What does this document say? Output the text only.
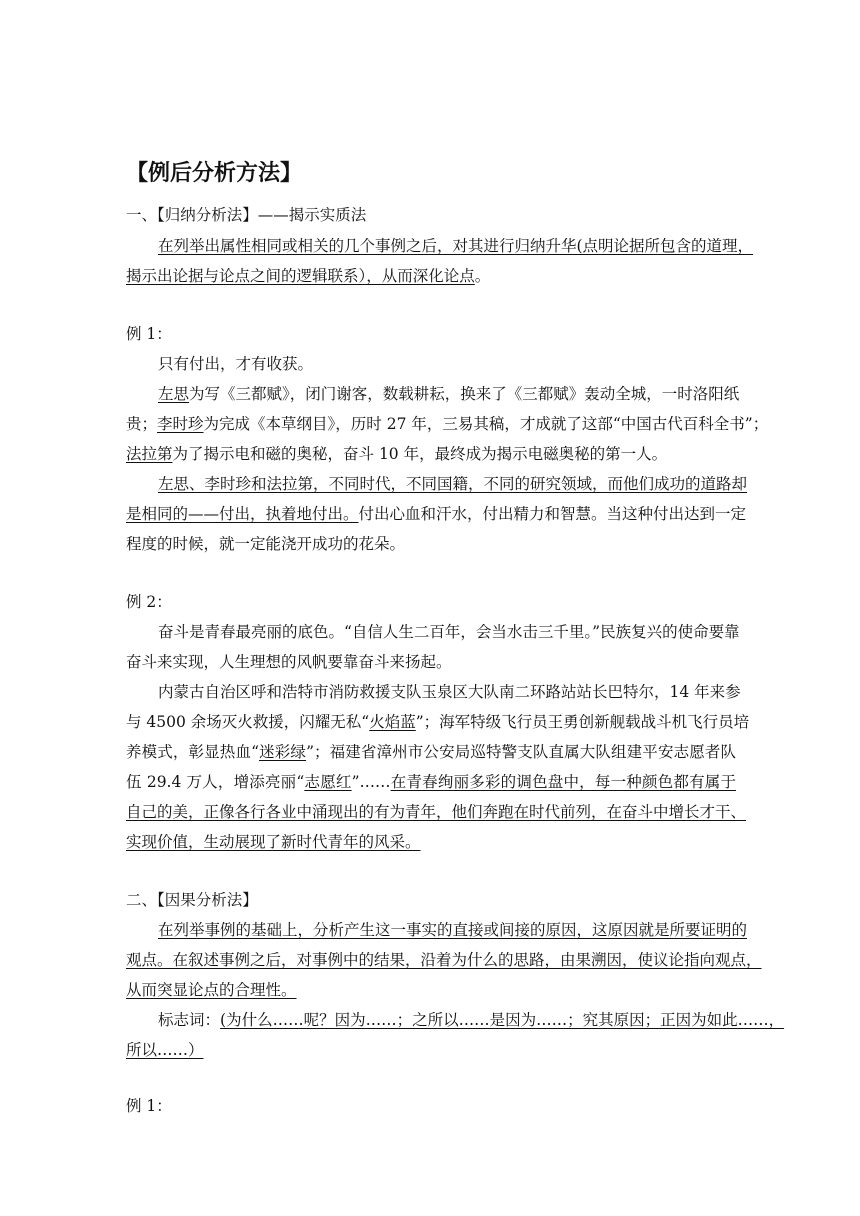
【例后分析方法】
一、【归纳分析法】——揭示实质法
在列举出属性相同或相关的几个事例之后，对其进行归纳升华(点明论据所包含的道理，
揭示出论据与论点之间的逻辑联系），从而深化论点。
例 1：
只有付出，才有收获。
左思为写《三都赋》，闭门谢客，数载耕耘，换来了《三都赋》轰动全城，一时洛阳纸
贵；李时珍为完成《本草纲目》，历时 27 年，三易其稿，才成就了这部“中国古代百科全书”；
法拉第为了揭示电和磁的奥秘，奋斗 10 年，最终成为揭示电磁奥秘的第一人。
左思、李时珍和法拉第，不同时代，不同国籍，不同的研究领域，而他们成功的道路却
是相同的——付出，执着地付出。付出心血和汗水，付出精力和智慧。当这种付出达到一定
程度的时候，就一定能浇开成功的花朵。
例 2：
奋斗是青春最亮丽的底色。“自信人生二百年，会当水击三千里。”民族复兴的使命要靠
奋斗来实现，人生理想的风帆要靠奋斗来扬起。
内蒙古自治区呼和浩特市消防救援支队玉泉区大队南二环路站站长巴特尔，14 年来参
与 4500 余场灭火救援，闪耀无私“火焰蓝”；海军特级飞行员王勇创新舰载战斗机飞行员培
养模式，彰显热血“迷彩绿”；福建省漳州市公安局巡特警支队直属大队组建平安志愿者队
伍 29.4 万人，增添亮丽“志愿红”……在青春绚丽多彩的调色盘中，每一种颜色都有属于
自己的美，正像各行各业中涌现出的有为青年，他们奔跑在时代前列，在奋斗中增长才干、
实现价值，生动展现了新时代青年的风采。
二、【因果分析法】
在列举事例的基础上，分析产生这一事实的直接或间接的原因，这原因就是所要证明的
观点。在叙述事例之后，对事例中的结果，沿着为什么的思路，由果溯因，使议论指向观点，
从而突显论点的合理性。
标志词：(为什么……呢？因为……；之所以……是因为……；究其原因；正因为如此……，
所以……）
例 1：
